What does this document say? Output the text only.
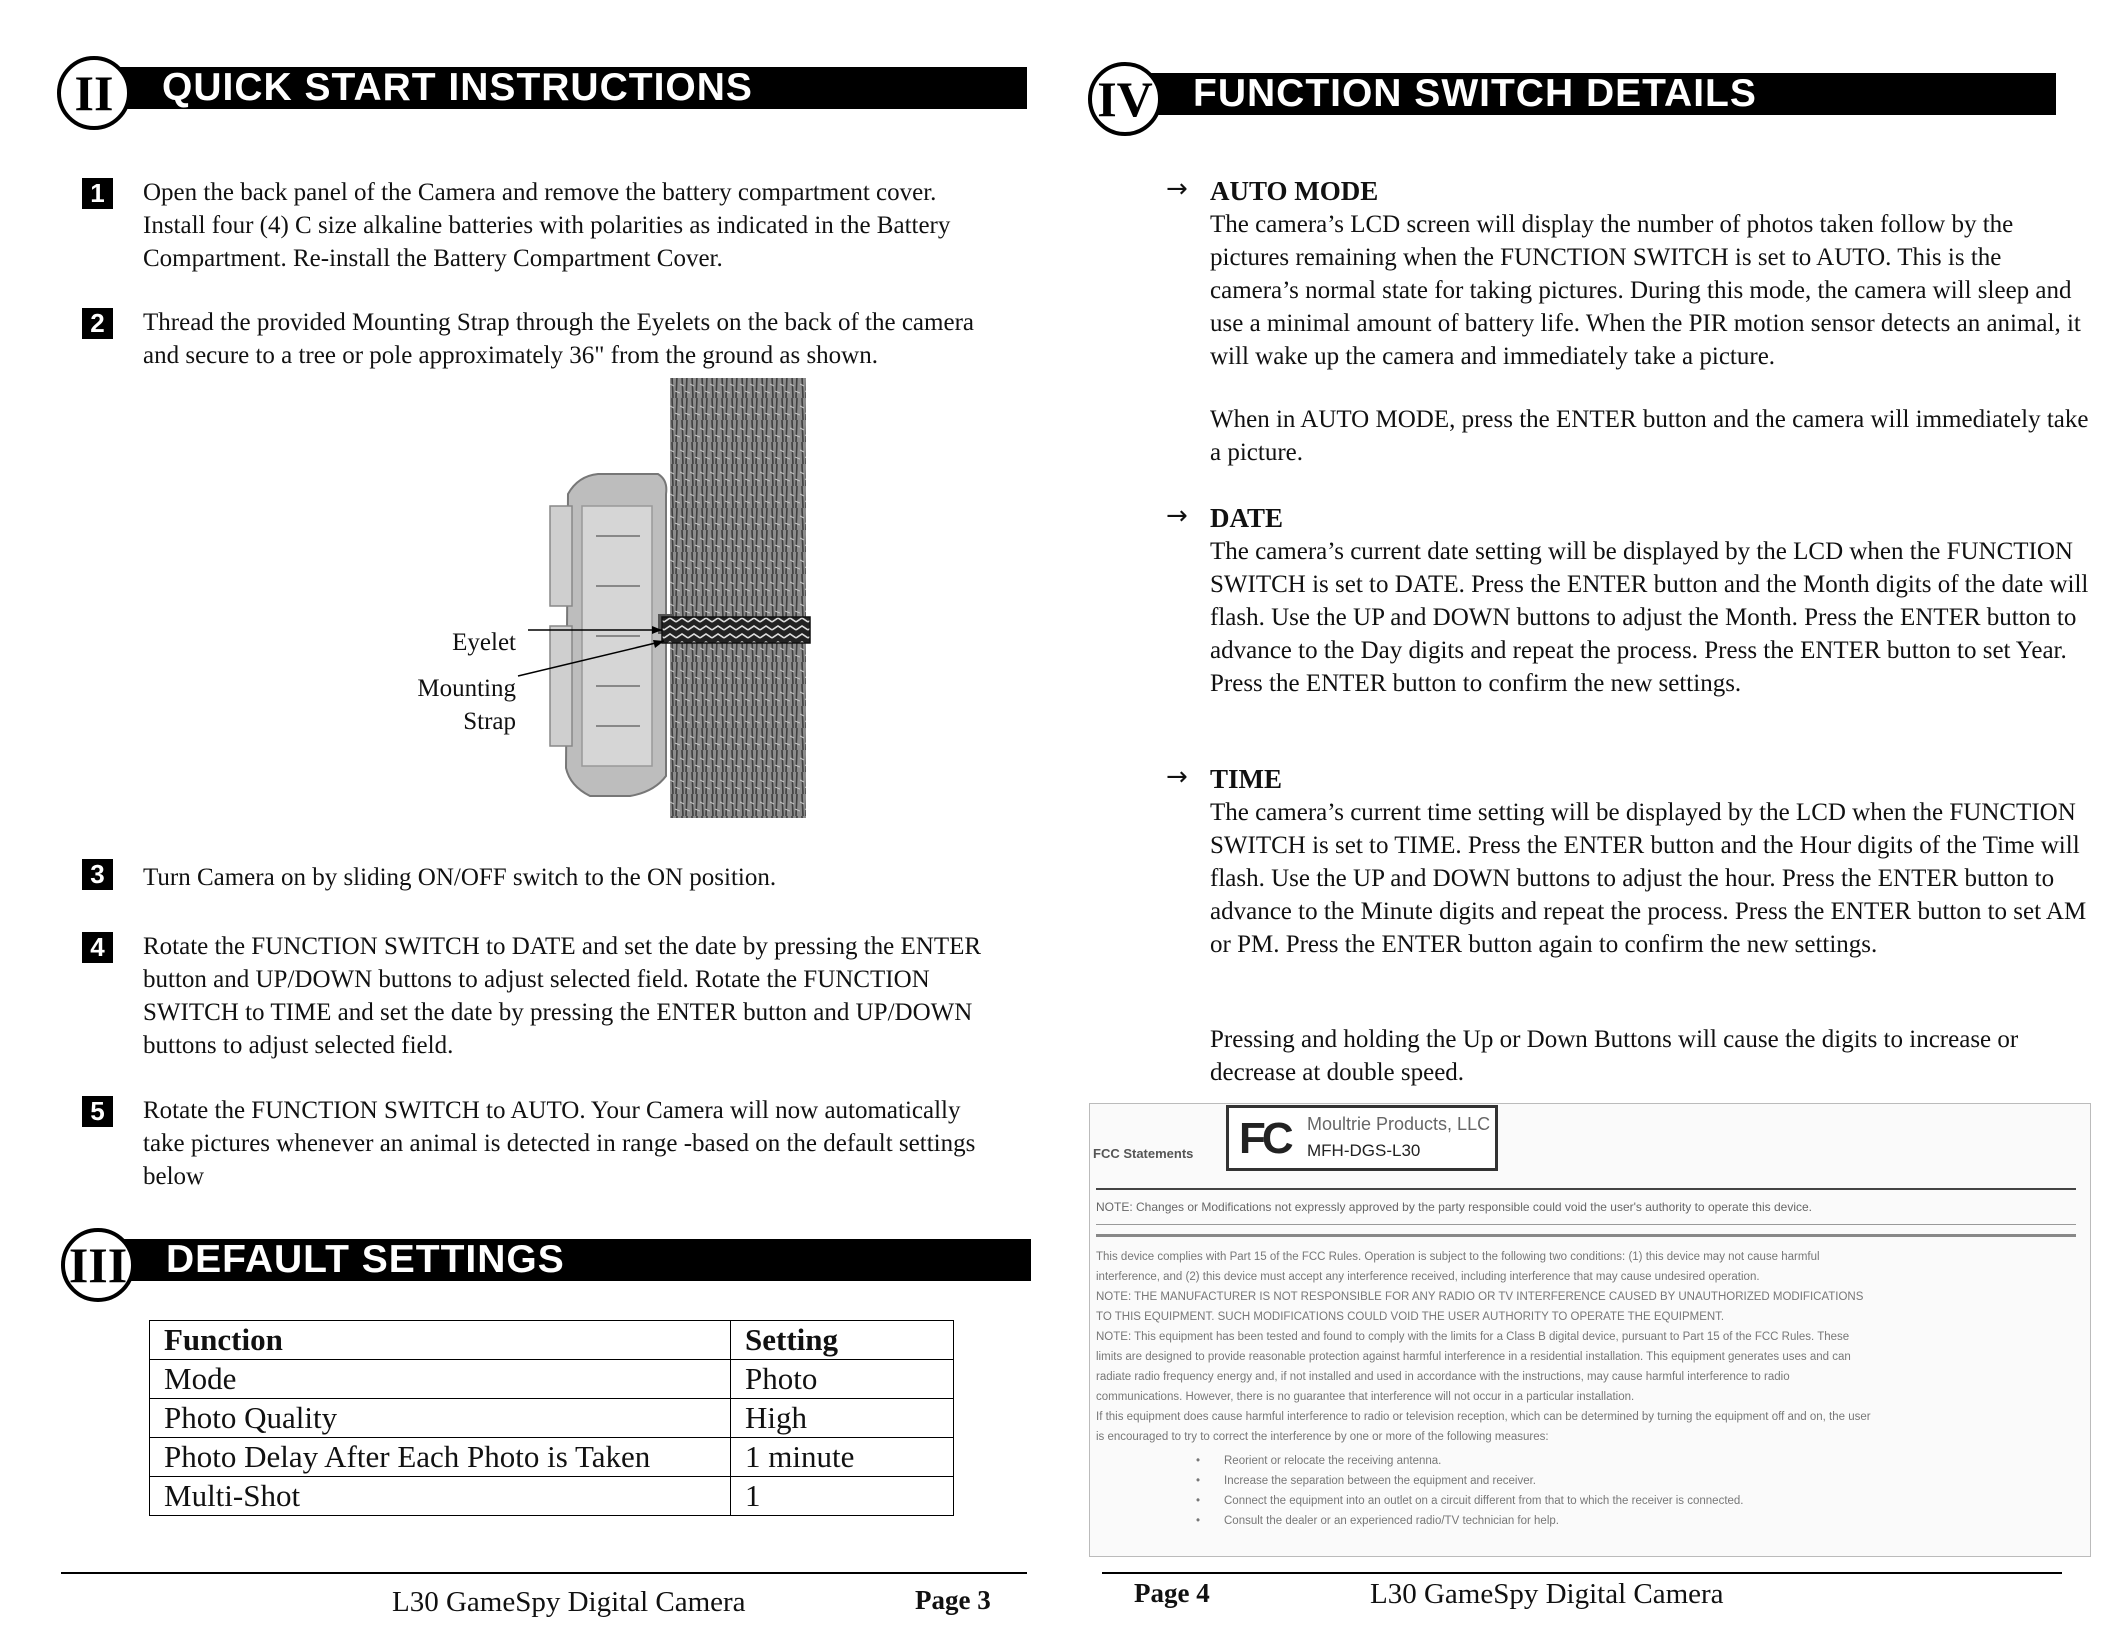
II	QUICK START INSTRUCTIONS
1	Open the back panel of the Camera and remove the battery compartment cover. Install four (4) C size alkaline batteries with polarities as indicated in the Battery Compartment. Re-install the Battery Compartment Cover.
2	Thread the provided Mounting Strap through the Eyelets on the back of the camera and secure to a tree or pole approximately 36" from the ground as shown.
Eyelet
Mounting
Strap
3	Turn Camera on by sliding ON/OFF switch to the ON position.
4	Rotate the FUNCTION SWITCH to DATE and set the date by pressing the ENTER button and UP/DOWN buttons to adjust selected field. Rotate the FUNCTION SWITCH to TIME and set the date by pressing the ENTER button and UP/DOWN buttons to adjust selected field.
5	Rotate the FUNCTION SWITCH to AUTO. Your Camera will now automatically take pictures whenever an animal is detected in range -based on the default settings below
III DEFAULT SETTINGS
Function	Setting
Mode	Photo
Photo Quality	High
Photo Delay After Each Photo is Taken	1 minute
Multi-Shot	1
L30 GameSpy Digital Camera	Page 3
IV	FUNCTION SWITCH DETAILS
→ AUTO MODE
The camera’s LCD screen will display the number of photos taken follow by the pictures remaining when the FUNCTION SWITCH is set to AUTO. This is the camera’s normal state for taking pictures. During this mode, the camera will sleep and use a minimal amount of battery life. When the PIR motion sensor detects an animal, it will wake up the camera and immediately take a picture.
When in AUTO MODE, press the ENTER button and the camera will immediately take a picture.
→ DATE
The camera’s current date setting will be displayed by the LCD when the FUNCTION SWITCH is set to DATE. Press the ENTER button and the Month digits of the date will flash. Use the UP and DOWN buttons to adjust the Month. Press the ENTER button to advance to the Day digits and repeat the process. Press the ENTER button to set Year. Press the ENTER button to confirm the new settings.
→ TIME
The camera’s current time setting will be displayed by the LCD when the FUNCTION SWITCH is set to TIME. Press the ENTER button and the Hour digits of the Time will flash. Use the UP and DOWN buttons to adjust the hour. Press the ENTER button to advance to the Minute digits and repeat the process. Press the ENTER button to set AM or PM. Press the ENTER button again to confirm the new settings.
Pressing and holding the Up or Down Buttons will cause the digits to increase or decrease at double speed.
FCC Statements FC Moultrie Products, LLC
MFH-DGS-L30
NOTE: Changes or Modifications not expressly approved by the party responsible could void the user's authority to operate this device.
This device complies with Part 15 of the FCC Rules. Operation is subject to the following two conditions: (1) this device may not cause harmful
interference, and (2) this device must accept any interference received, including interference that may cause undesired operation.
NOTE: THE MANUFACTURER IS NOT RESPONSIBLE FOR ANY RADIO OR TV INTERFERENCE CAUSED BY UNAUTHORIZED MODIFICATIONS
TO THIS EQUIPMENT. SUCH MODIFICATIONS COULD VOID THE USER AUTHORITY TO OPERATE THE EQUIPMENT.
NOTE: This equipment has been tested and found to comply with the limits for a Class B digital device, pursuant to Part 15 of the FCC Rules. These
limits are designed to provide reasonable protection against harmful interference in a residential installation. This equipment generates uses and can
radiate radio frequency energy and, if not installed and used in accordance with the instructions, may cause harmful interference to radio
communications. However, there is no guarantee that interference will not occur in a particular installation.
If this equipment does cause harmful interference to radio or television reception, which can be determined by turning the equipment off and on, the user
is encouraged to try to correct the interference by one or more of the following measures:
• Reorient or relocate the receiving antenna.
• Increase the separation between the equipment and receiver.
• Connect the equipment into an outlet on a circuit different from that to which the receiver is connected.
• Consult the dealer or an experienced radio/TV technician for help.
Page 4	L30 GameSpy Digital Camera
